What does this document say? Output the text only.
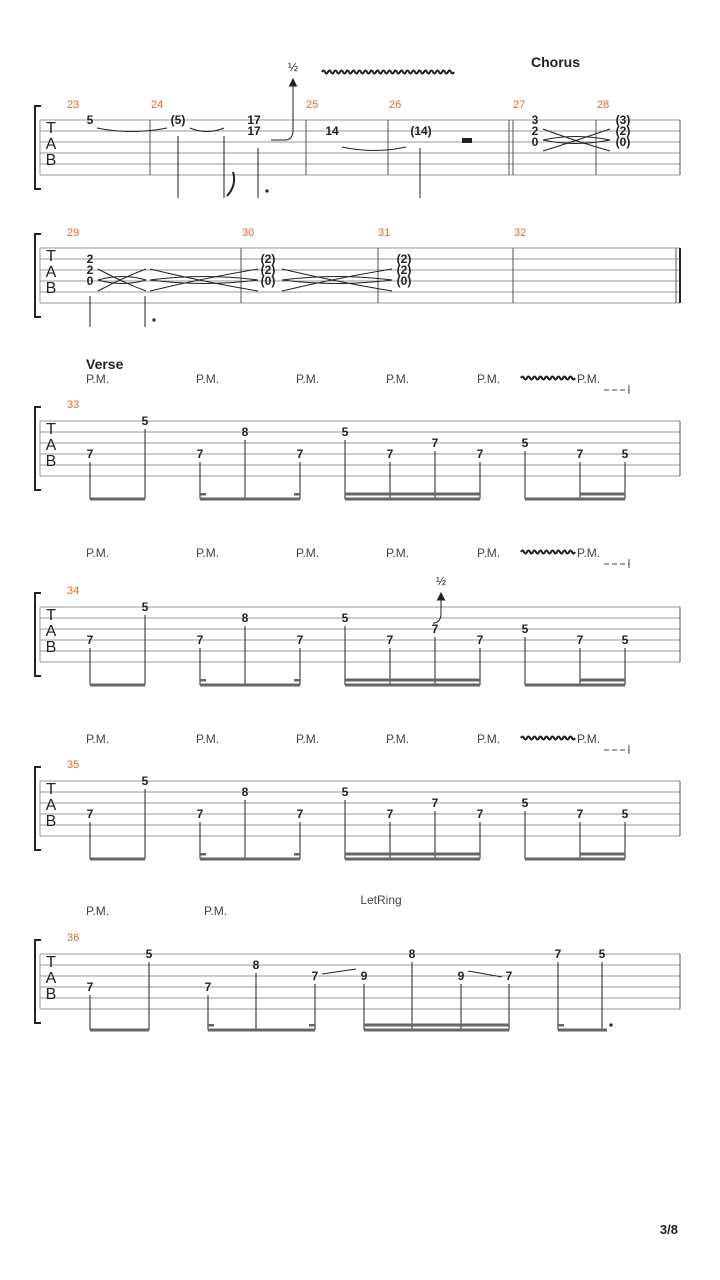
Chorus
T
A
B
23	24	25	26	27	28
5	(5)	17
17	14	(14)
3
2
0
(3)
(2)
(0)
½
T
A
B
29	30	31	32
2
2
0
(2)
(2)
(0)
(2)
(2)
(0)
33
T
A
B
P.M.	P.M.	P.M.	P.M.	P.M.	P.M.
7
5
7
8
7
5
7
7
7
5
7	5
Verse
34
T
A
B
P.M.	P.M.	P.M.	P.M.	P.M.	P.M.
7
5
7
8
7
5
7
7
7
5
7	5
½
35
T
A
B
P.M.	P.M.	P.M.	P.M.	P.M.	P.M.
7
5
7
8
7
5
7
7
7
5
7	5
36
T
A
B
P.M.	P.M.
LetRing
7
5
7
8
7	9
8
9	7
7	5
3/8
